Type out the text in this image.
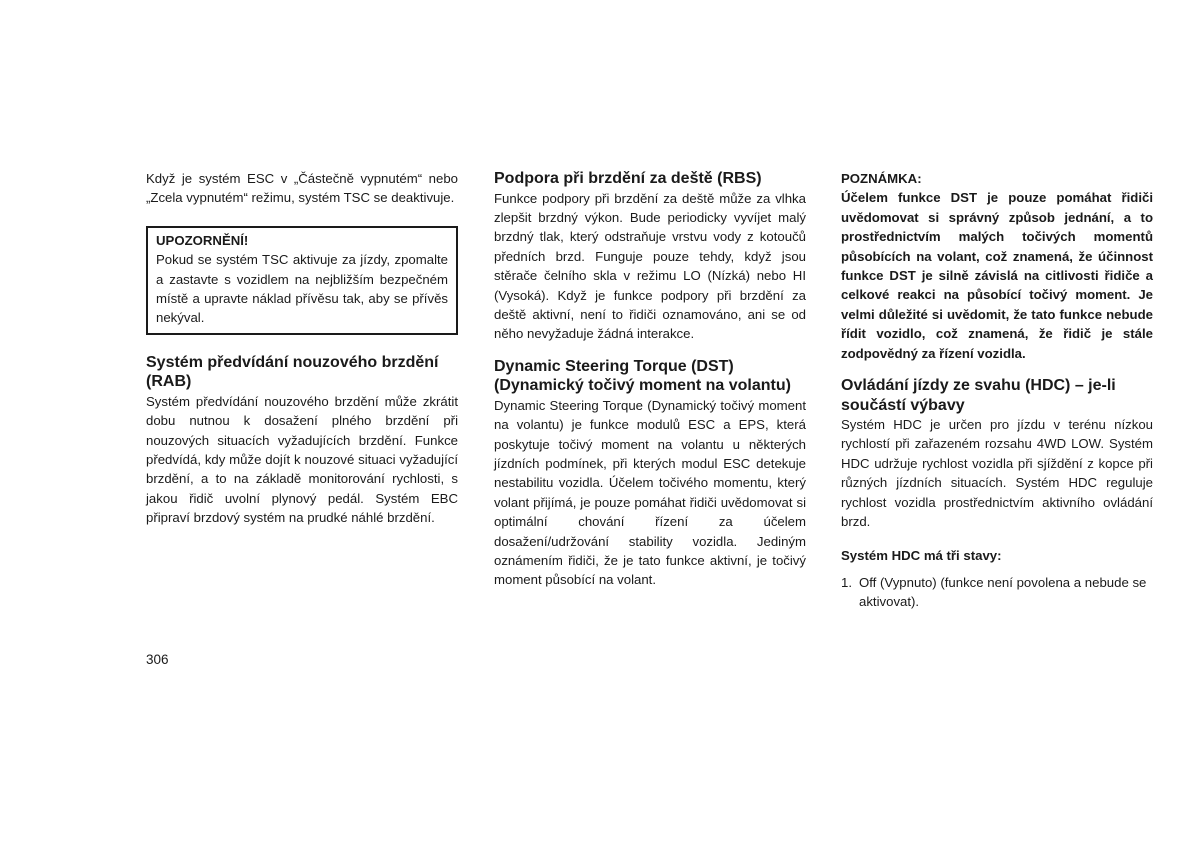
Když je systém ESC v „Částečně vypnutém“ nebo „Zcela vypnutém“ režimu, systém TSC se deaktivuje.

UPOZORNĚNÍ!

Pokud se systém TSC aktivuje za jízdy, zpomalte a zastavte s vozidlem na nejbližším bezpečném místě a upravte náklad přívěsu tak, aby se přívěs nekýval.

Systém předvídání nouzového brzdění (RAB)

Systém předvídání nouzového brzdění může zkrátit dobu nutnou k dosažení plného brzdění při nouzových situacích vyžadujících brzdění. Funkce předvídá, kdy může dojít k nouzové situaci vyžadující brzdění, a to na základě monitorování rychlosti, s jakou řidič uvolní plynový pedál. Systém EBC připraví brzdový systém na prudké náhlé brzdění.

Podpora při brzdění za deště (RBS)

Funkce podpory při brzdění za deště může za vlhka zlepšit brzdný výkon. Bude periodicky vyvíjet malý brzdný tlak, který odstraňuje vrstvu vody z kotoučů předních brzd. Funguje pouze tehdy, když jsou stěrače čelního skla v režimu LO (Nízká) nebo HI (Vysoká). Když je funkce podpory při brzdění za deště aktivní, není to řidiči oznamováno, ani se od něho nevyžaduje žádná interakce.

Dynamic Steering Torque (DST) (Dynamický točivý moment na volantu)

Dynamic Steering Torque (Dynamický točivý moment na volantu) je funkce modulů ESC a EPS, která poskytuje točivý moment na volantu u některých jízdních podmínek, při kterých modul ESC detekuje nestabilitu vozidla. Účelem točivého momentu, který volant přijímá, je pouze pomáhat řidiči uvědomovat si optimální chování řízení za účelem dosažení/udržování stability vozidla. Jediným oznámením řidiči, že je tato funkce aktivní, je točivý moment působící na volant.

POZNÁMKA:

Účelem funkce DST je pouze pomáhat řidiči uvědomovat si správný způsob jednání, a to prostřednictvím malých točivých momentů působících na volant, což znamená, že účinnost funkce DST je silně závislá na citlivosti řidiče a celkové reakci na působící točivý moment. Je velmi důležité si uvědomit, že tato funkce nebude řídit vozidlo, což znamená, že řidič je stále zodpovědný za řízení vozidla.

Ovládání jízdy ze svahu (HDC) – je-li součástí výbavy

Systém HDC je určen pro jízdu v terénu nízkou rychlostí při zařazeném rozsahu 4WD LOW. Systém HDC udržuje rychlost vozidla při sjíždění z kopce při různých jízdních situacích. Systém HDC reguluje rychlost vozidla prostřednictvím aktivního ovládání brzd.

Systém HDC má tři stavy:

1. Off (Vypnuto) (funkce není povolena a nebude se aktivovat).
306
